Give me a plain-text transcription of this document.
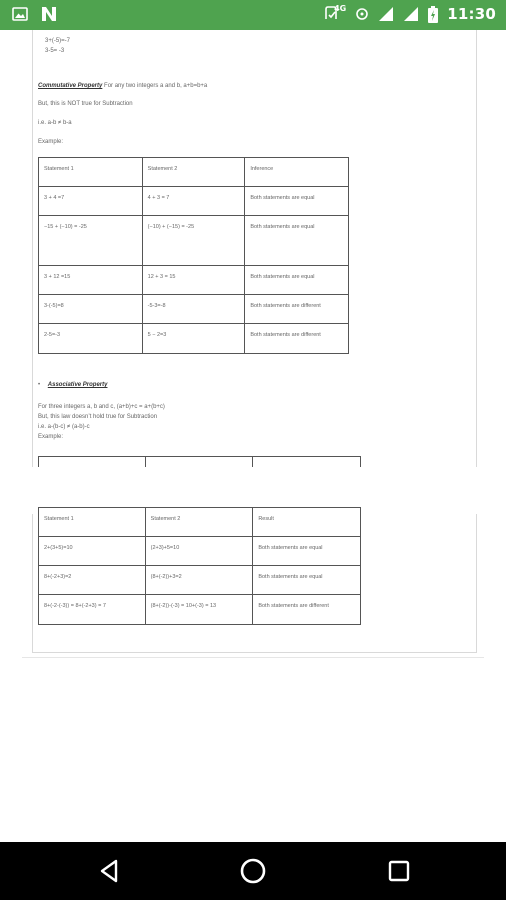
4G	11:30
3+(-5)=-7
3-5= -3
Commutative Property For any two integers a and b, a+b=b+a
But, this is NOT true for Subtraction
i.e. a-b ≠ b-a
Example:
Statement 1	Statement 2	Inference
3 + 4 =7	4 + 3 = 7	Both statements are equal
−15 + (−10) = -25	(−10) + (−15) = -25	Both statements are equal
3 + 12 =15	12 + 3 = 15	Both statements are equal
3-(-5)=8	-5-3=-8	Both statements are different
2-5=-3	5 − 2=3	Both statements are different
• Associative Property
For three integers a, b and c, (a+b)+c = a+(b+c)
But, this law doesn’t hold true for Subtraction
i.e. a-(b-c) ≠ (a-b)-c
Example:

Statement 1	Statement 2	Result
2+(3+5)=10	(2+3)+5=10	Both statements are equal
8+(-2+3)=2	(8+(-2))+3=2	Both statements are equal
8+(-2-(-3)) = 8+(-2+3) = 7	(8+(-2))-(-3) = 10+(-3) = 13	Both statements are different
